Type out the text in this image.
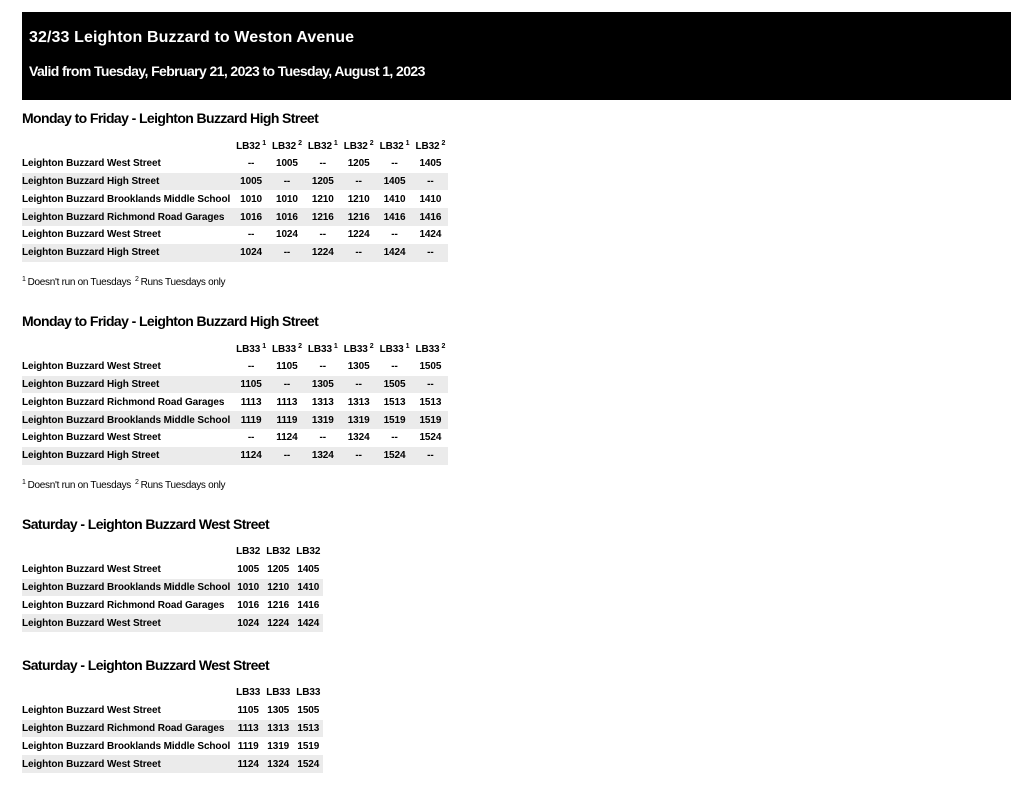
32/33 Leighton Buzzard to Weston Avenue
Valid from Tuesday, February 21, 2023 to Tuesday, August 1, 2023
Monday to Friday - Leighton Buzzard High Street
	LB32 $^1$	LB32 $^2$	LB32 $^1$	LB32 $^2$	LB32 $^1$	LB32 $^2$
Leighton Buzzard West Street	--	1005	--	1205	--	1405
Leighton Buzzard High Street	1005	--	1205	--	1405	--
Leighton Buzzard Brooklands Middle School	1010	1010	1210	1210	1410	1410
Leighton Buzzard Richmond Road Garages	1016	1016	1216	1216	1416	1416
Leighton Buzzard West Street	--	1024	--	1224	--	1424
Leighton Buzzard High Street	1024	--	1224	--	1424	--
$^1$ Doesn't run on Tuesdays $^2$ Runs Tuesdays only
Monday to Friday - Leighton Buzzard High Street
	LB33 $^1$	LB33 $^2$	LB33 $^1$	LB33 $^2$	LB33 $^1$	LB33 $^2$
Leighton Buzzard West Street	--	1105	--	1305	--	1505
Leighton Buzzard High Street	1105	--	1305	--	1505	--
Leighton Buzzard Richmond Road Garages	1113	1113	1313	1313	1513	1513
Leighton Buzzard Brooklands Middle School	1119	1119	1319	1319	1519	1519
Leighton Buzzard West Street	--	1124	--	1324	--	1524
Leighton Buzzard High Street	1124	--	1324	--	1524	--
$^1$ Doesn't run on Tuesdays $^2$ Runs Tuesdays only
Saturday - Leighton Buzzard West Street
	LB32	LB32	LB32
Leighton Buzzard West Street	1005	1205	1405
Leighton Buzzard Brooklands Middle School	1010	1210	1410
Leighton Buzzard Richmond Road Garages	1016	1216	1416
Leighton Buzzard West Street	1024	1224	1424
Saturday - Leighton Buzzard West Street
	LB33	LB33	LB33
Leighton Buzzard West Street	1105	1305	1505
Leighton Buzzard Richmond Road Garages	1113	1313	1513
Leighton Buzzard Brooklands Middle School	1119	1319	1519
Leighton Buzzard West Street	1124	1324	1524
